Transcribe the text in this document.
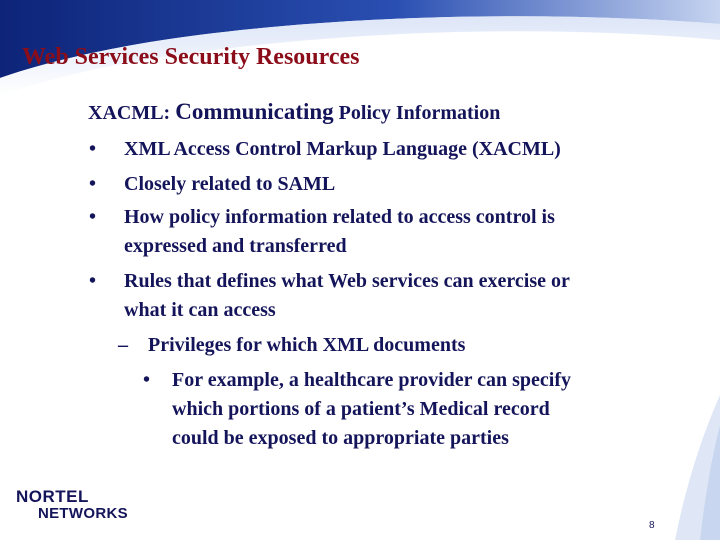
Web Services Security Resources
XACML: Communicating Policy Information
• XML Access Control Markup Language (XACML)
• Closely related to SAML
• How policy information related to access control is
expressed and transferred
• Rules that defines what Web services can exercise or
what it can access
– Privileges for which XML documents
• For example, a healthcare provider can specify
which portions of a patient’s Medical record
could be exposed to appropriate parties
NORTEL
NETWORKS
8
